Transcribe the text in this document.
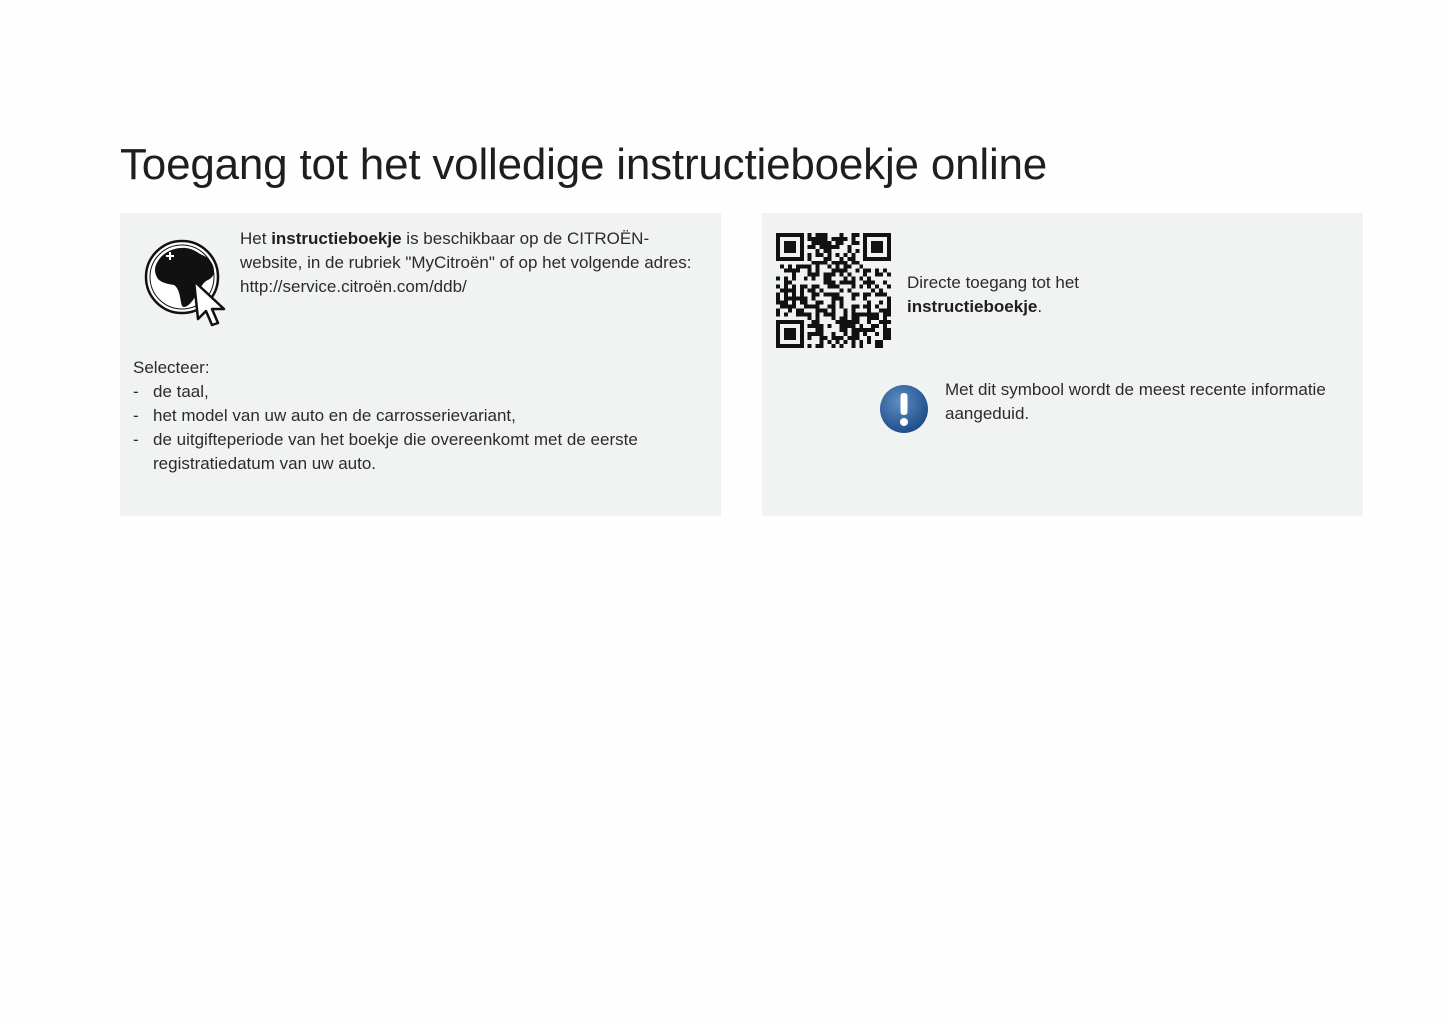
Toegang tot het volledige instructieboekje online
Het instructieboekje is beschikbaar op de CITROËN-website, in de rubriek "MyCitroën" of op het volgende adres:
http://service.citroën.com/ddb/
Selecteer:
- de taal,
- het model van uw auto en de carrosserievariant,
- de uitgifteperiode van het boekje die overeenkomt met de eerste registratiedatum van uw auto.
Directe toegang tot het
instructieboekje.
Met dit symbool wordt de meest recente informatie aangeduid.
